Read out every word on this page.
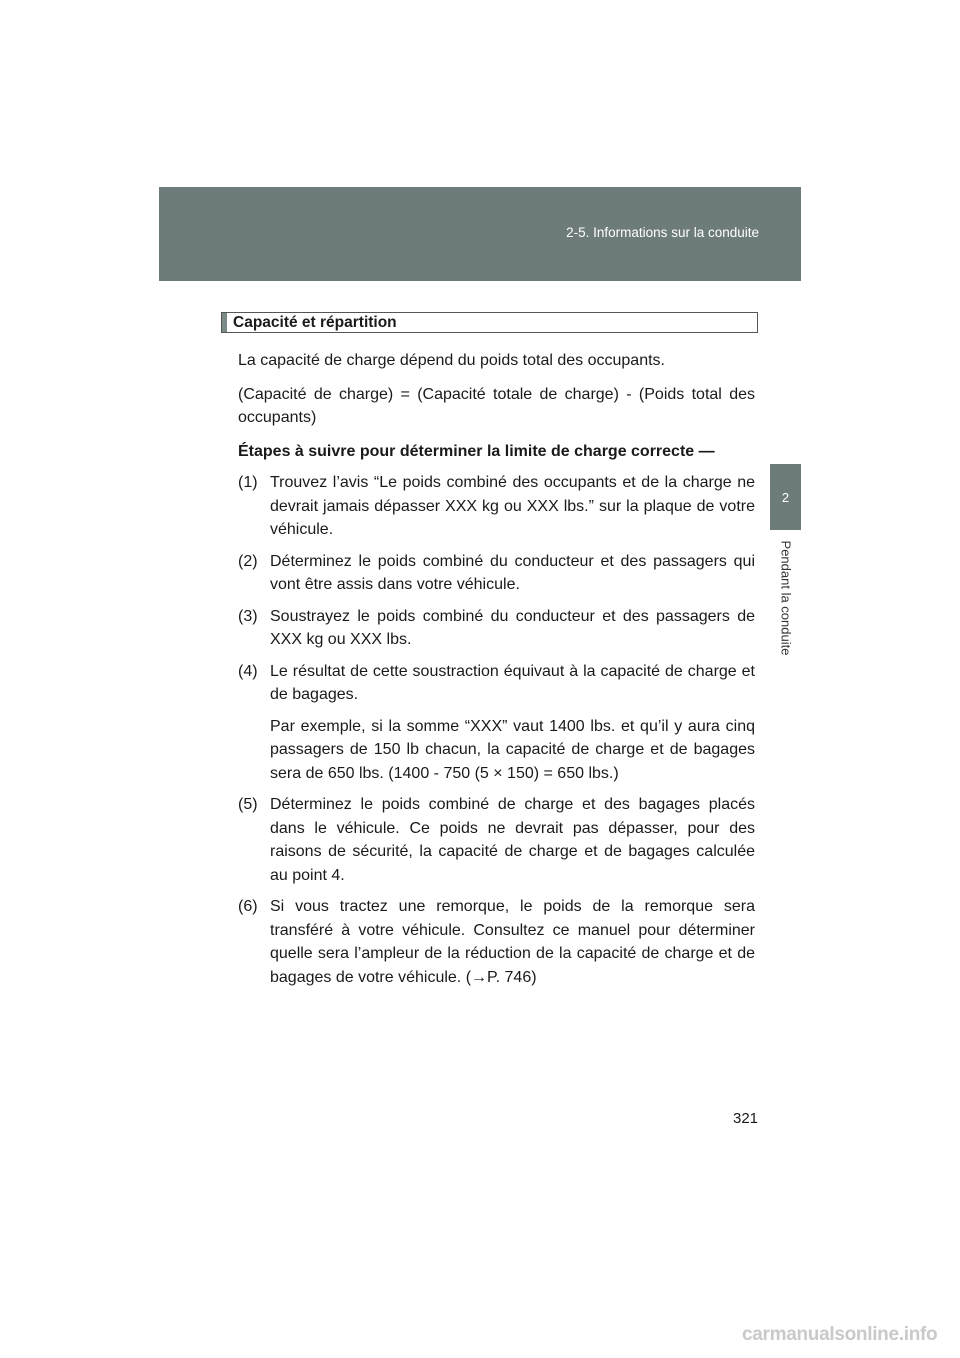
2-5. Informations sur la conduite
2
Pendant la conduite
Capacité et répartition

La capacité de charge dépend du poids total des occupants.

(Capacité de charge) = (Capacité totale de charge) - (Poids total des occupants)

Étapes à suivre pour déterminer la limite de charge correcte —

(1) Trouvez l’avis “Le poids combiné des occupants et de la charge ne devrait jamais dépasser XXX kg ou XXX lbs.” sur la plaque de votre véhicule.
(2) Déterminez le poids combiné du conducteur et des passagers qui vont être assis dans votre véhicule.
(3) Soustrayez le poids combiné du conducteur et des passagers de XXX kg ou XXX lbs.
(4) Le résultat de cette soustraction équivaut à la capacité de charge et de bagages.

Par exemple, si la somme “XXX” vaut 1400 lbs. et qu’il y aura cinq passagers de 150 lb chacun, la capacité de charge et de bagages sera de 650 lbs. (1400 - 750 (5 × 150) = 650 lbs.)

(5) Déterminez le poids combiné de charge et des bagages placés dans le véhicule. Ce poids ne devrait pas dépasser, pour des raisons de sécurité, la capacité de charge et de bagages calculée au point 4.
(6) Si vous tractez une remorque, le poids de la remorque sera transféré à votre véhicule. Consultez ce manuel pour déterminer quelle sera l’ampleur de la réduction de la capacité de charge et de bagages de votre véhicule. (→P. 746)
321
carmanualsonline.info
